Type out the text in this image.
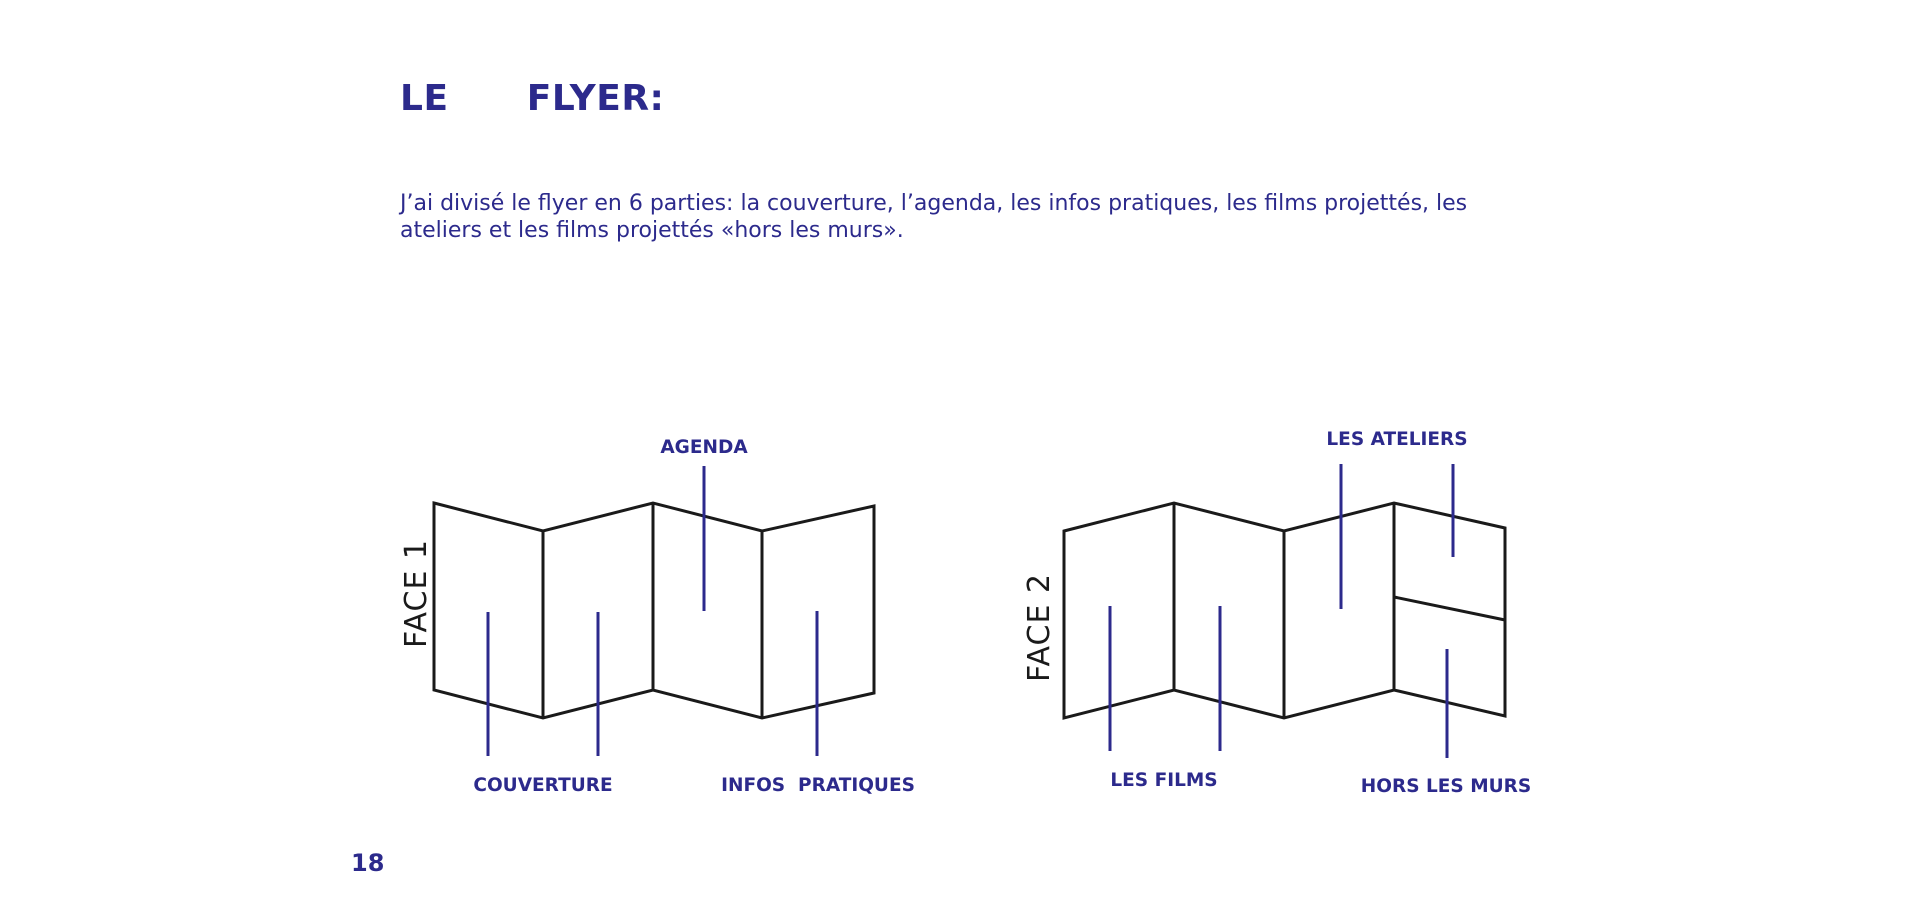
LE      FLYER:

J’ai divisé le flyer en 6 parties: la couverture, l’agenda, les infos pratiques, les films projettés, les ateliers et les films projettés «hors les murs».

FACE 1
AGENDA
COUVERTURE	INFOS  PRATIQUES
FACE 2
LES ATELIERS
LES FILMS	HORS LES MURS
18
